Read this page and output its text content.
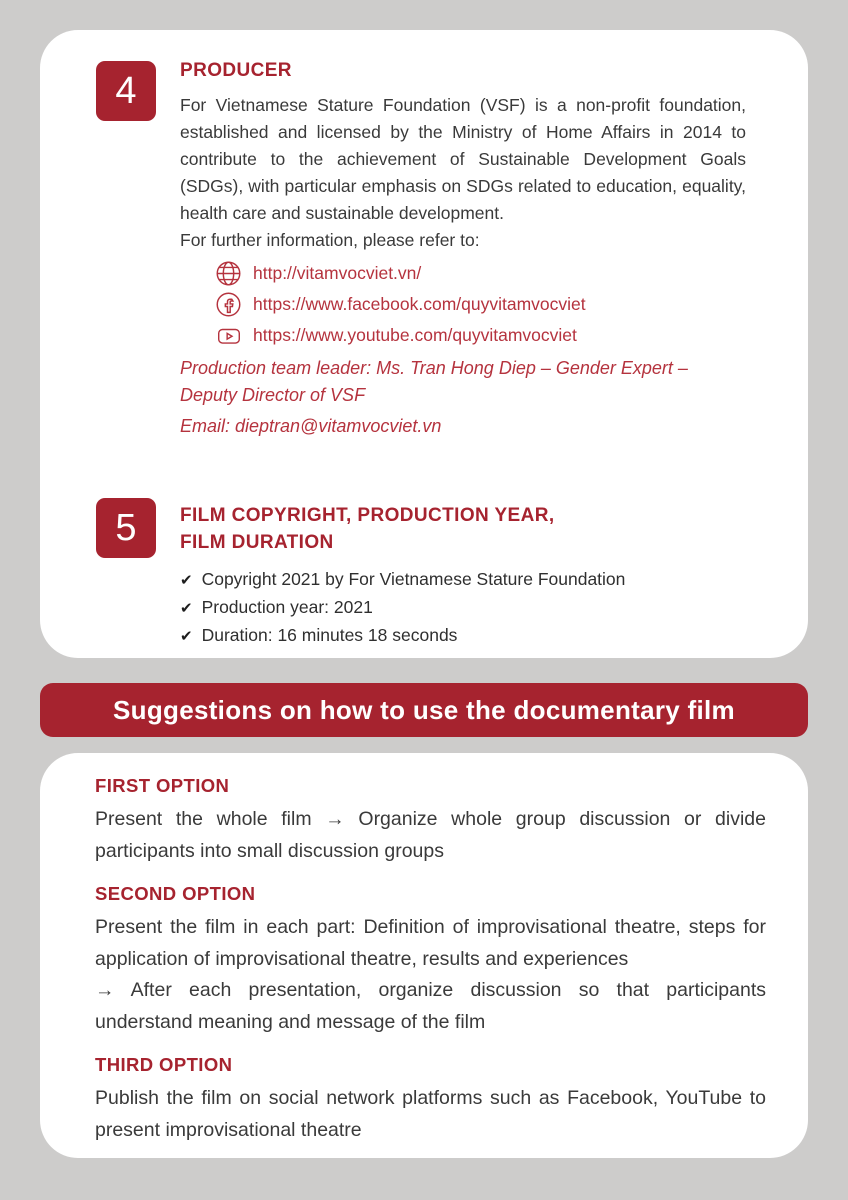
4	PRODUCER

For Vietnamese Stature Foundation (VSF) is a non-profit foundation, established and licensed by the Ministry of Home Affairs in 2014 to contribute to the achievement of Sustainable Development Goals (SDGs), with particular emphasis on SDGs related to education, equality, health care and sustainable development.

For further information, please refer to:

http://vitamvocviet.vn/
https://www.facebook.com/quyvitamvocviet
https://www.youtube.com/quyvitamvocviet

Production team leader: Ms. Tran Hong Diep – Gender Expert – Deputy Director of VSF

Email: dieptran@vitamvocviet.vn

5	FILM COPYRIGHT, PRODUCTION YEAR,
FILM DURATION
✔ Copyright 2021 by For Vietnamese Stature Foundation
✔ Production year: 2021
✔ Duration: 16 minutes 18 seconds
Suggestions on how to use the documentary film
FIRST OPTION

Present the whole film → Organize whole group discussion or divide participants into small discussion groups

SECOND OPTION

Present the film in each part: Definition of improvisational theatre, steps for application of improvisational theatre, results and experiences

→ After each presentation, organize discussion so that participants understand meaning and message of the film

THIRD OPTION

Publish the film on social network platforms such as Facebook, YouTube to present improvisational theatre
